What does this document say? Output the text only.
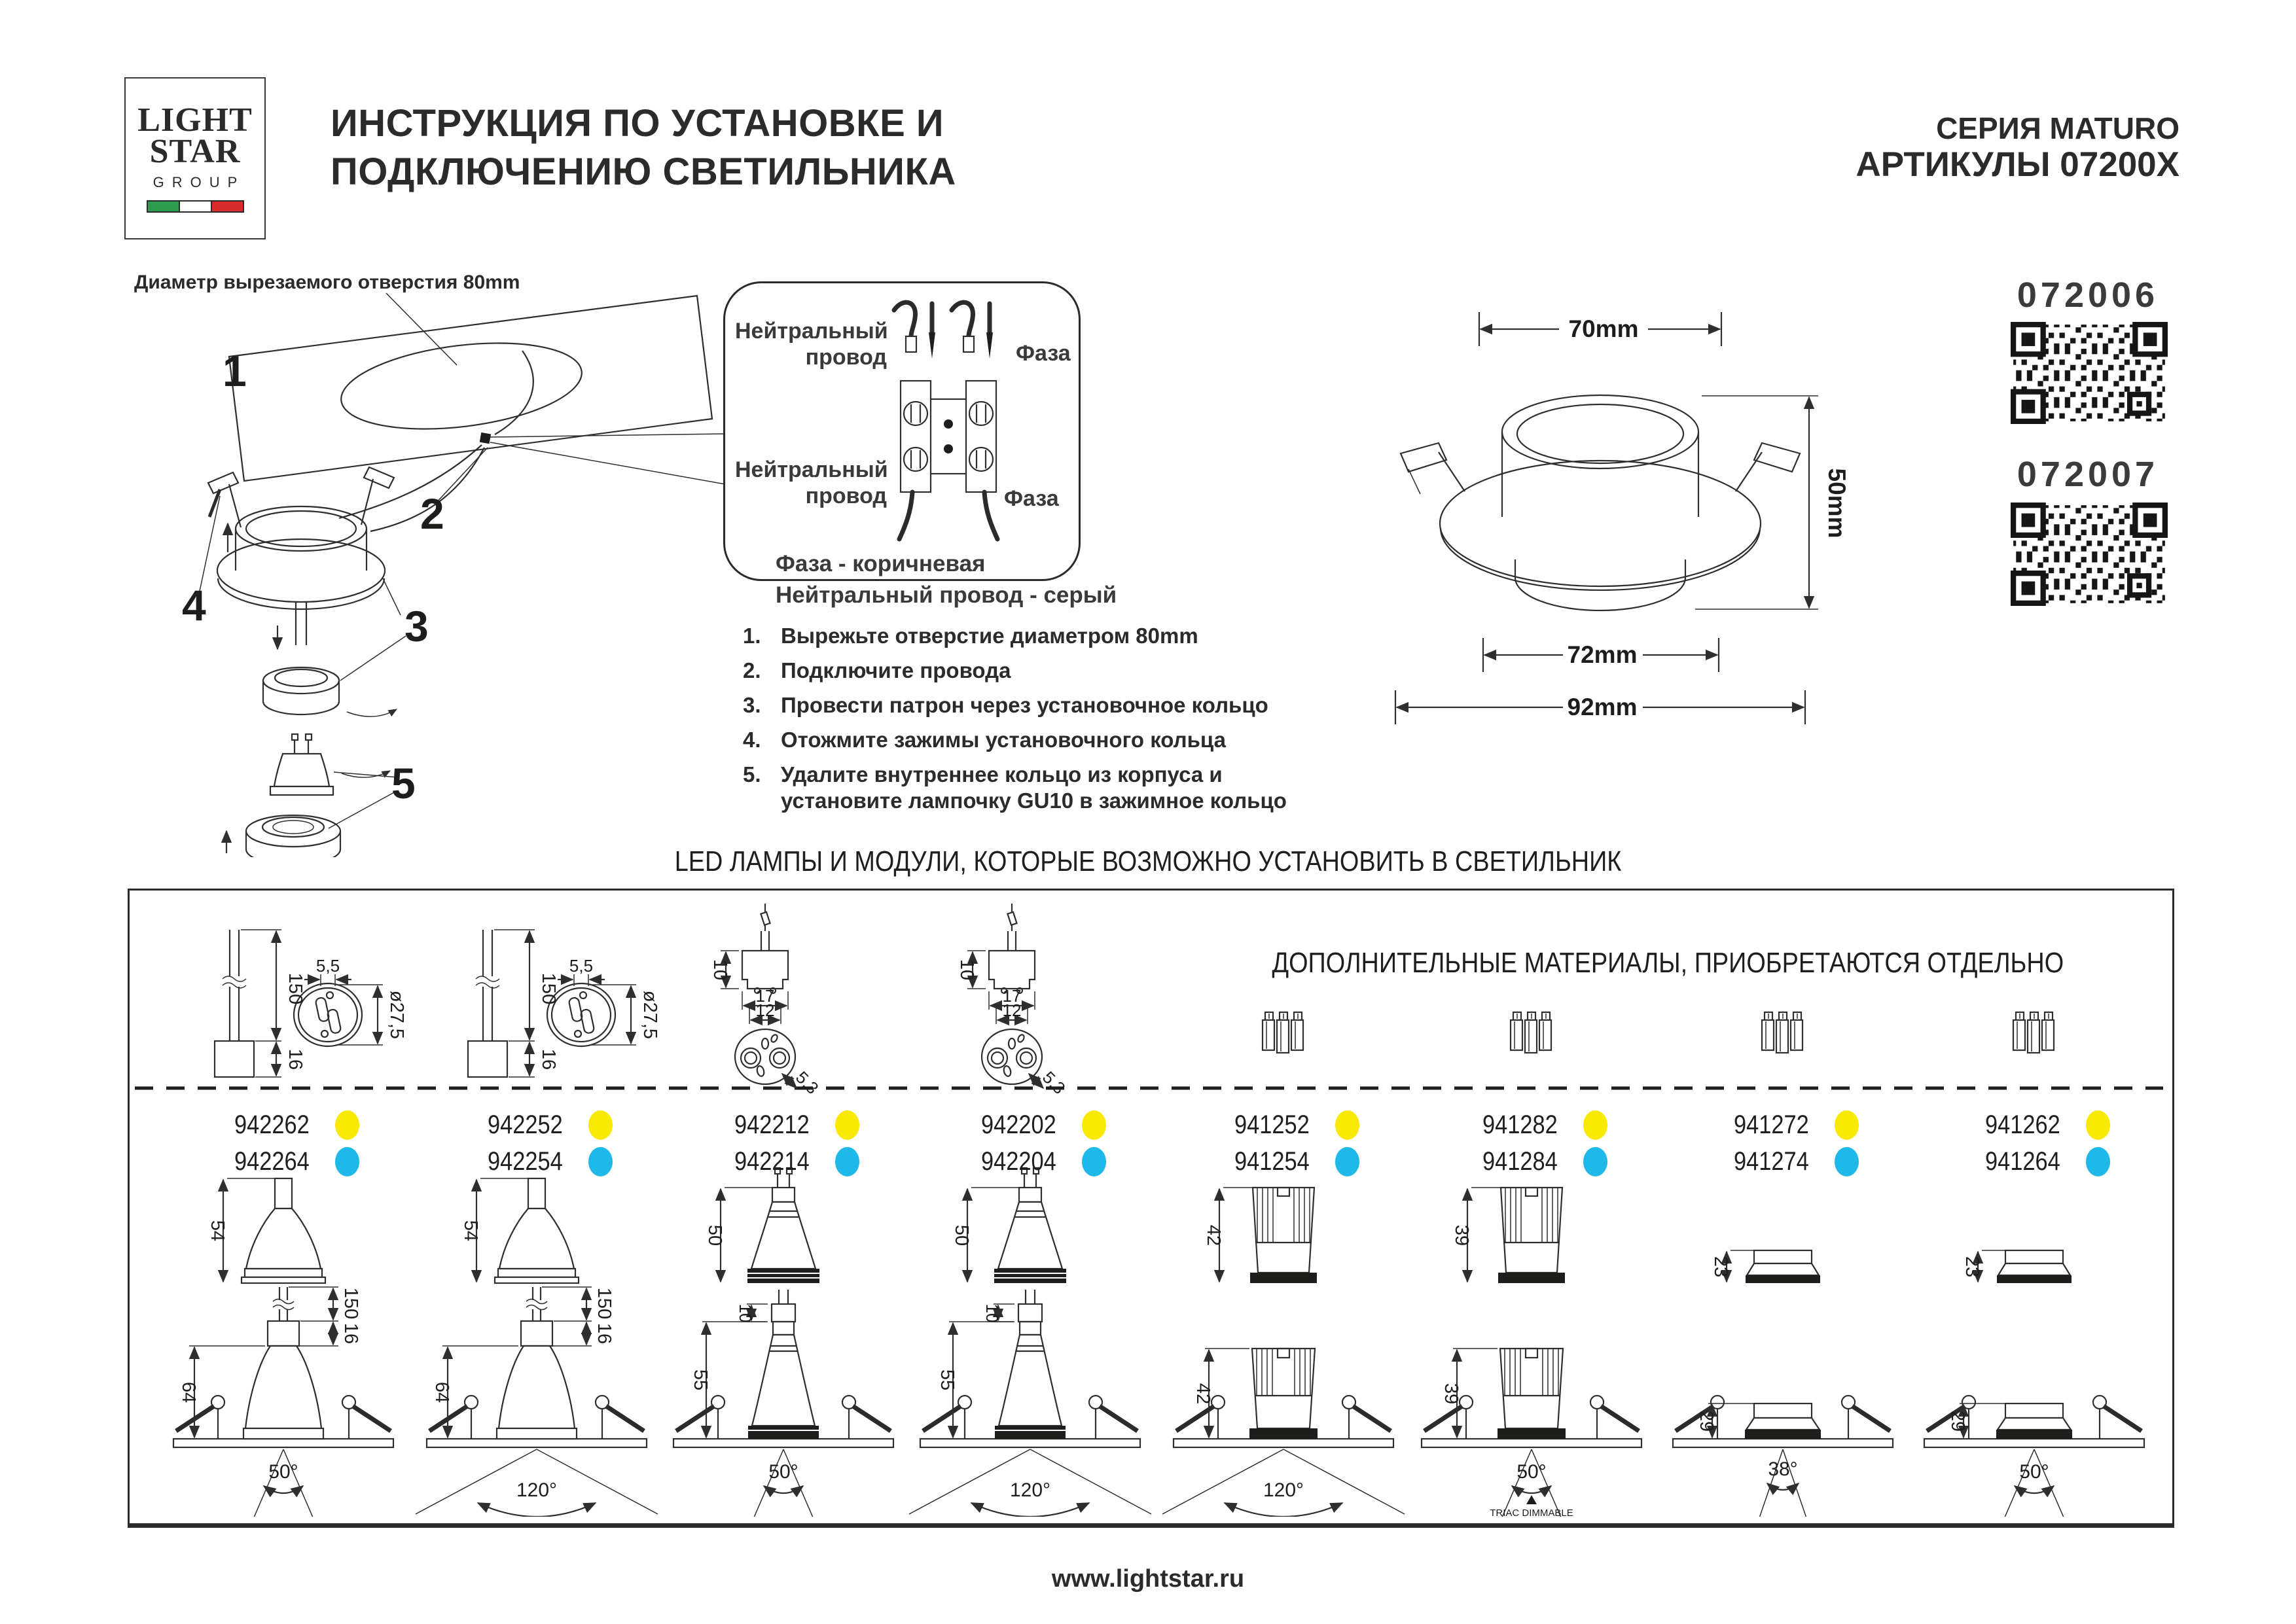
LIGHT
STAR
GROUP
ИНСТРУКЦИЯ ПО УСТАНОВКЕ И
ПОДКЛЮЧЕНИЮ СВЕТИЛЬНИКА
СЕРИЯ MATURO
АРТИКУЛЫ 07200X
072006
072007
Диаметр вырезаемого отверстия 80mm
1
2
3
4
5
Нейтральный провод	Фаза
Нейтральный провод	Фаза
Фаза - коричневая
Нейтральный провод - серый
1. Вырежьте отверстие диаметром 80mm
2. Подключите провода
3. Провести патрон через установочное кольцо
4. Отожмите зажимы установочного кольца
5. Удалите внутреннее кольцо из корпуса и установите лампочку GU10 в зажимное кольцо
70mm
50mm
72mm
92mm
LED ЛАМПЫ И МОДУЛИ, КОТОРЫЕ ВОЗМОЖНО УСТАНОВИТЬ В СВЕТИЛЬНИК
150
16
5,5
ø27,5
150
16
5,5
ø27,5
10
17
12
5,3
10
17
12
5,3
54	54	50	50	42	39
23	23
64
150
16
64
150
16
55
10
55
10
42	39
29	29
50°
120°
50°
120°	120°
50°	38°	50°
TRIAC DIMMABLE
ДОПОЛНИТЕЛЬНЫЕ МАТЕРИАЛЫ, ПРИОБРЕТАЮТСЯ ОТДЕЛЬНО
942262
942264
942252
942254
942212
942214
942202
942204
941252
941254
941282
941284
941272
941274
941262
941264
www.lightstar.ru
